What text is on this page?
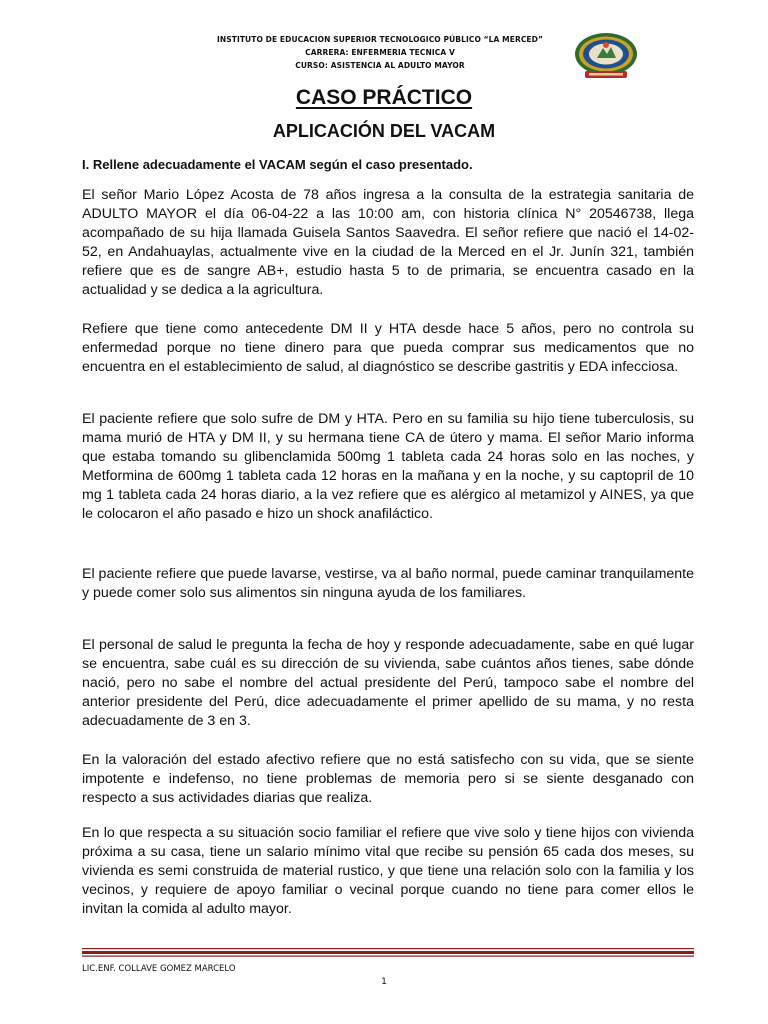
INSTITUTO DE EDUCACION SUPERIOR TECNOLOGICO PÚBLICO “LA MERCED”
CARRERA: ENFERMERIA TECNICA V
CURSO: ASISTENCIA AL ADULTO MAYOR
CASO PRÁCTICO
APLICACIÓN DEL VACAM
I. Rellene adecuadamente el VACAM según el caso presentado.

El señor Mario López Acosta de 78 años ingresa a la consulta de la estrategia sanitaria de ADULTO MAYOR el día 06-04-22 a las 10:00 am, con historia clínica N° 20546738, llega acompañado de su hija llamada Guisela Santos Saavedra. El señor refiere que nació el 14-02-52, en Andahuaylas, actualmente vive en la ciudad de la Merced en el Jr. Junín 321, también refiere que es de sangre AB+, estudio hasta 5 to de primaria, se encuentra casado en la actualidad y se dedica a la agricultura.

Refiere que tiene como antecedente DM II y HTA desde hace 5 años, pero no controla su enfermedad porque no tiene dinero para que pueda comprar sus medicamentos que no encuentra en el establecimiento de salud, al diagnóstico se describe gastritis y EDA infecciosa.

El paciente refiere que solo sufre de DM y HTA. Pero en su familia su hijo tiene tuberculosis, su mama murió de HTA y DM II, y su hermana tiene CA de útero y mama. El señor Mario informa que estaba tomando su glibenclamida 500mg 1 tableta cada 24 horas solo en las noches, y Metformina de 600mg 1 tableta cada 12 horas en la mañana y en la noche, y su captopril de 10 mg 1 tableta cada 24 horas diario, a la vez refiere que es alérgico al metamizol y AINES, ya que le colocaron el año pasado e hizo un shock anafiláctico.

El paciente refiere que puede lavarse, vestirse, va al baño normal, puede caminar tranquilamente y puede comer solo sus alimentos sin ninguna ayuda de los familiares.

El personal de salud le pregunta la fecha de hoy y responde adecuadamente, sabe en qué lugar se encuentra, sabe cuál es su dirección de su vivienda, sabe cuántos años tienes, sabe dónde nació, pero no sabe el nombre del actual presidente del Perú, tampoco sabe el nombre del anterior presidente del Perú, dice adecuadamente el primer apellido de su mama, y no resta adecuadamente de 3 en 3.

En la valoración del estado afectivo refiere que no está satisfecho con su vida, que se siente impotente e indefenso, no tiene problemas de memoria pero si se siente desganado con respecto a sus actividades diarias que realiza.

En lo que respecta a su situación socio familiar el refiere que vive solo y tiene hijos con vivienda próxima a su casa, tiene un salario mínimo vital que recibe su pensión 65 cada dos meses, su vivienda es semi construida de material rustico, y que tiene una relación solo con la familia y los vecinos, y requiere de apoyo familiar o vecinal porque cuando no tiene para comer ellos le invitan la comida al adulto mayor.

LIC.ENF. COLLAVE GOMEZ MARCELO
1
